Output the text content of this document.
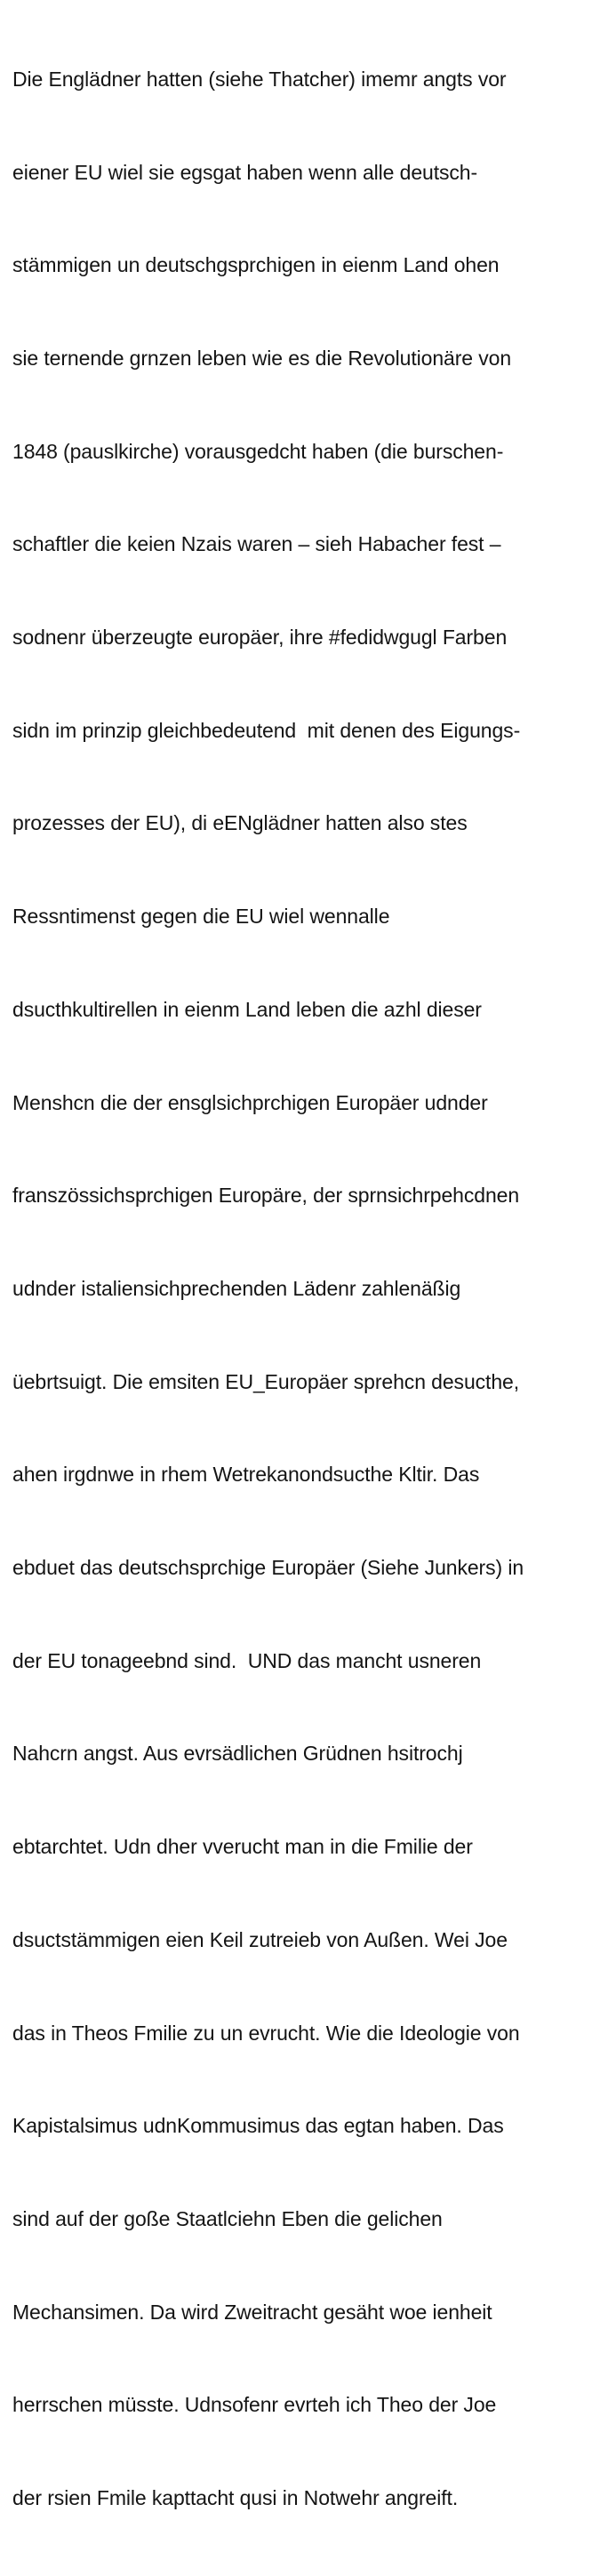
Die Englädner hatten (siehe Thatcher) imemr angts vor

eiener EU wiel sie egsgat haben wenn alle deutsch-

stämmigen un deutschgsprchigen in eienm Land ohen

sie ternende grnzen leben wie es die Revolutionäre von

1848 (pauslkirche) vorausgedcht haben (die burschen-

schaftler die keien Nzais waren – sieh Habacher fest –

sodnenr überzeugte europäer, ihre #fedidwgugl Farben

sidn im prinzip gleichbedeutend  mit denen des Eigungs-

prozesses der EU), di eENglädner hatten also stes

Ressntimenst gegen die EU wiel wennalle

dsucthkultirellen in eienm Land leben die azhl dieser

Menshcn die der ensglsichprchigen Europäer udnder

franszössichsprchigen Europäre, der sprnsichrpehcdnen

udnder istaliensichprechenden Lädenr zahlenäßig

üebrtsuigt. Die emsiten EU_Europäer sprehcn desucthe,

ahen irgdnwe in rhem Wetrekanondsucthe Kltir. Das

ebduet das deutschsprchige Europäer (Siehe Junkers) in

der EU tonageebnd sind.  UND das mancht usneren

Nahcrn angst. Aus evrsädlichen Grüdnen hsitrochj

ebtarchtet. Udn dher vverucht man in die Fmilie der

dsuctstämmigen eien Keil zutreieb von Außen. Wei Joe

das in Theos Fmilie zu un evrucht. Wie die Ideologie von

Kapistalsimus udnKommusimus das egtan haben. Das

sind auf der goße Staatlciehn Eben die gelichen

Mechansimen. Da wird Zweitracht gesäht woe ienheit

herrschen müsste. Udnsofenr evrteh ich Theo der Joe

der rsien Fmile kapttacht qusi in Notwehr angreift.
